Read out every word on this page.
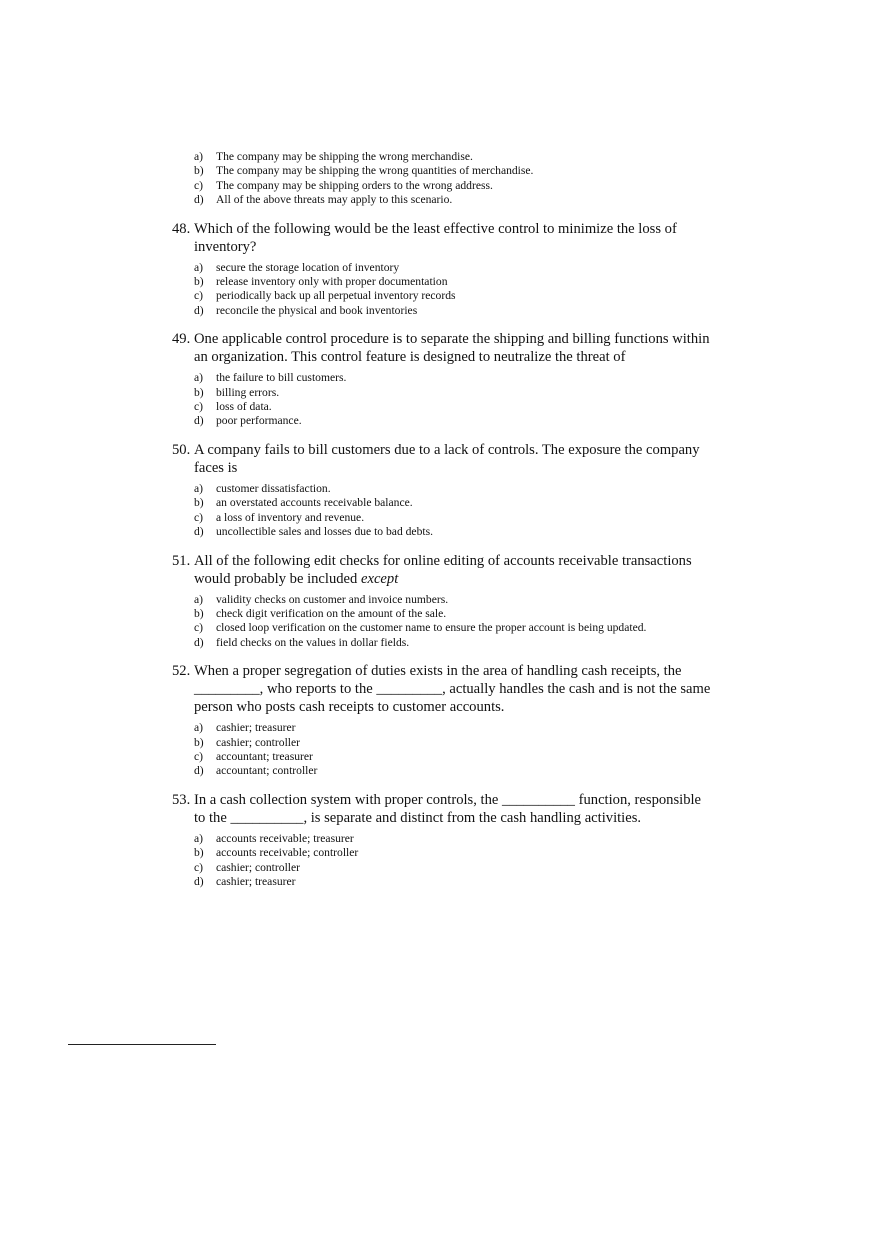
a)	The company may be shipping the wrong merchandise.
b)	The company may be shipping the wrong quantities of merchandise.
c)	The company may be shipping orders to the wrong address.
d)	All of the above threats may apply to this scenario.
48. Which of the following would be the least effective control to minimize the loss of inventory?
a)	secure the storage location of inventory
b)	release inventory only with proper documentation
c)	periodically back up all perpetual inventory records
d)	reconcile the physical and book inventories
49. One applicable control procedure is to separate the shipping and billing functions within an organization. This control feature is designed to neutralize the threat of
a)	the failure to bill customers.
b)	billing errors.
c)	loss of data.
d)	poor performance.
50. A company fails to bill customers due to a lack of controls. The exposure the company faces is
a)	customer dissatisfaction.
b)	an overstated accounts receivable balance.
c)	a loss of inventory and revenue.
d)	uncollectible sales and losses due to bad debts.
51. All of the following edit checks for online editing of accounts receivable transactions would probably be included except
a)	validity checks on customer and invoice numbers.
b)	check digit verification on the amount of the sale.
c)	closed loop verification on the customer name to ensure the proper account is being updated.
d)	field checks on the values in dollar fields.
52. When a proper segregation of duties exists in the area of handling cash receipts, the _________, who reports to the _________, actually handles the cash and is not the same person who posts cash receipts to customer accounts.
a)	cashier; treasurer
b)	cashier; controller
c)	accountant; treasurer
d)	accountant; controller
53. In a cash collection system with proper controls, the __________ function, responsible to the __________, is separate and distinct from the cash handling activities.
a)	accounts receivable; treasurer
b)	accounts receivable; controller
c)	cashier; controller
d)	cashier; treasurer
